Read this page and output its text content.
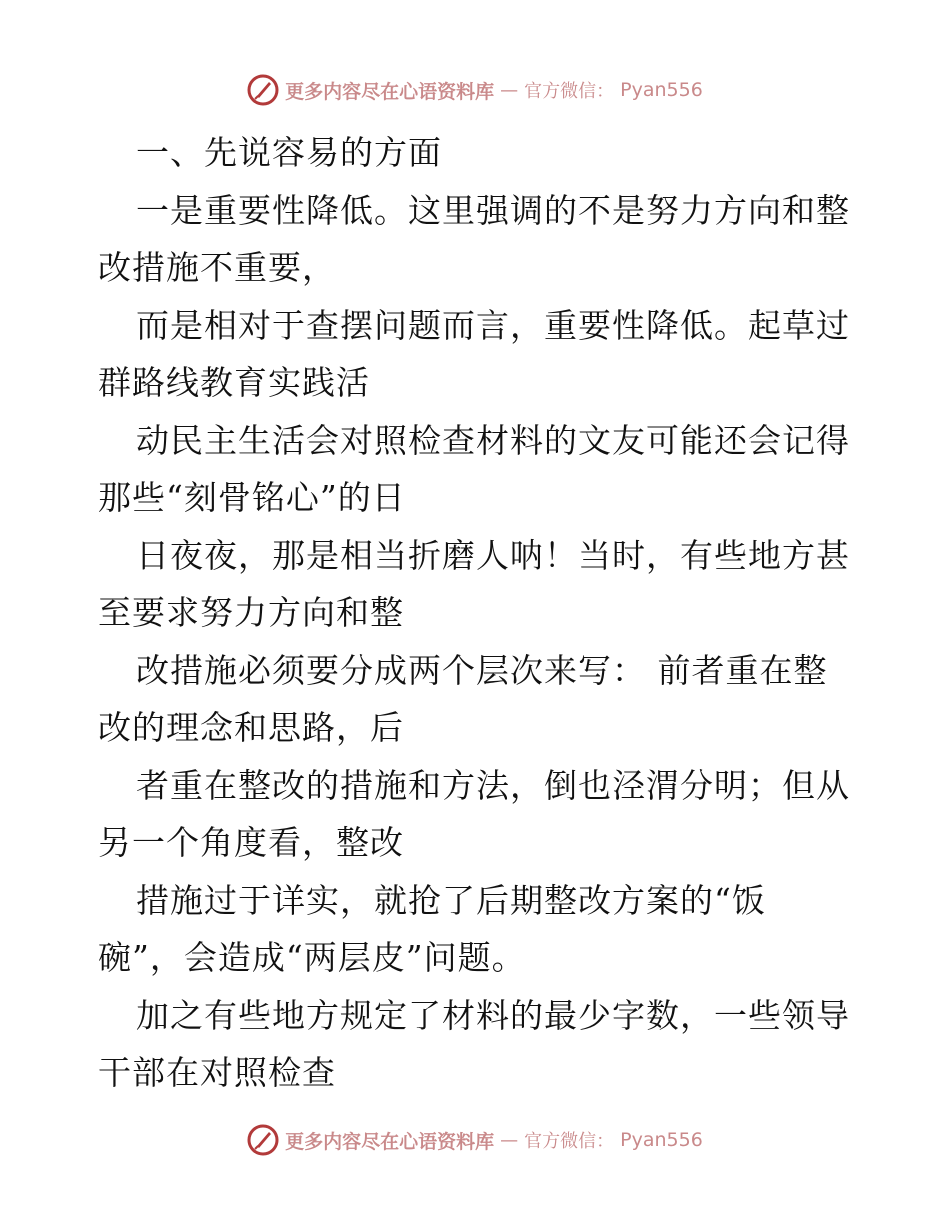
更多内容尽在心语资料库 — 官方微信： Pyan556
一、先说容易的方面
一是重要性降低。这里强调的不是努力方向和整
改措施不重要，
而是相对于查摆问题而言，重要性降低。起草过
群路线教育实践活
动民主生活会对照检查材料的文友可能还会记得
那些“刻骨铭心”的日
日夜夜，那是相当折磨人呐！当时，有些地方甚
至要求努力方向和整
改措施必须要分成两个层次来写： 前者重在整
改的理念和思路，后
者重在整改的措施和方法，倒也泾渭分明；但从
另一个角度看，整改
措施过于详实，就抢了后期整改方案的“饭
碗”，会造成“两层皮”问题。
加之有些地方规定了材料的最少字数，一些领导
干部在对照检查
更多内容尽在心语资料库 — 官方微信： Pyan556
